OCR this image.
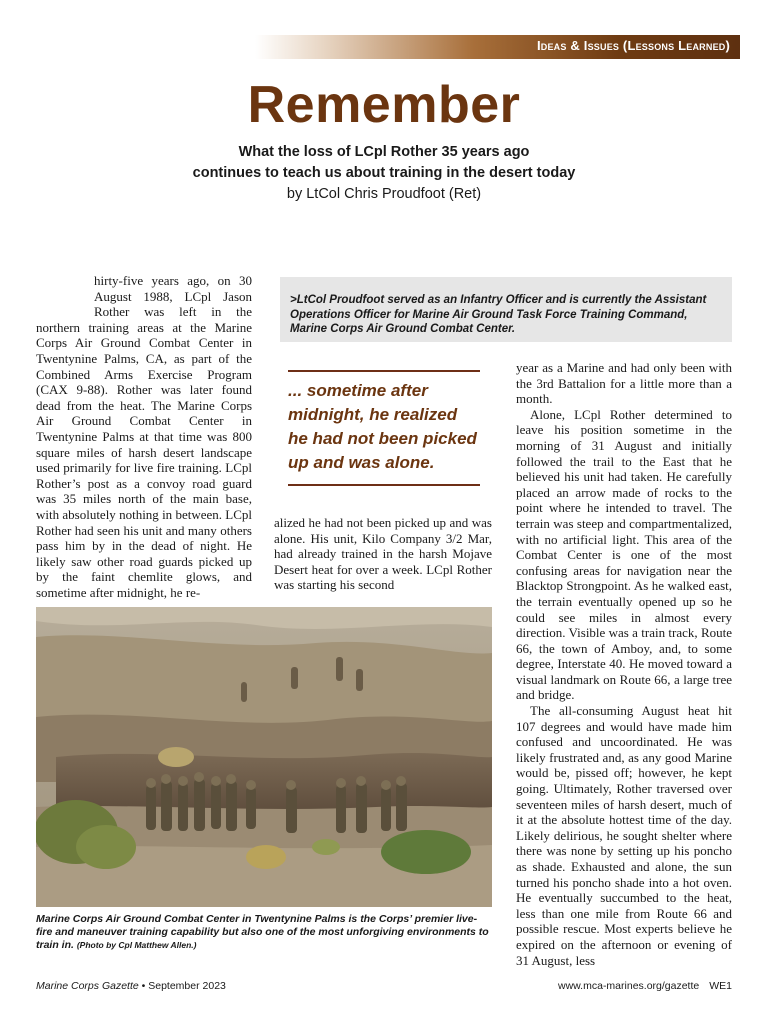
Ideas & Issues (Lessons Learned)
Remember
What the loss of LCpl Rother 35 years ago
continues to teach us about training in the desert today
by LtCol Chris Proudfoot (Ret)

hirty-five years ago, on 30 August 1988, LCpl Jason Rother was left in the northern training areas at the Marine Corps Air Ground Combat Center in Twentynine Palms, CA, as part of the Combined Arms Exercise Program (CAX 9-88). Rother was later found dead from the heat. The Marine Corps Air Ground Combat Center in Twentynine Palms at that time was 800 square miles of harsh desert landscape used primarily for live fire training. LCpl Rother’s post as a convoy road guard was 35 miles north of the main base, with absolutely nothing in between. LCpl Rother had seen his unit and many others pass him by in the dead of night. He likely saw other road guards picked up by the faint chemlite glows, and sometime after midnight, he re-

>LtCol Proudfoot served as an Infantry Officer and is currently the Assistant Operations Officer for Marine Air Ground Task Force Training Command, Marine Corps Air Ground Combat Center.
... sometime after midnight, he realized he had not been picked up and was alone.

alized he had not been picked up and was alone. His unit, Kilo Company 3/2 Mar, had already trained in the harsh Mojave Desert heat for over a week. LCpl Rother was starting his second

year as a Marine and had only been with the 3rd Battalion for a little more than a month.

Alone, LCpl Rother determined to leave his position sometime in the morning of 31 August and initially followed the trail to the East that he believed his unit had taken. He carefully placed an arrow made of rocks to the point where he intended to travel. The terrain was steep and compartmentalized, with no artificial light. This area of the Combat Center is one of the most confusing areas for navigation near the Blacktop Strongpoint. As he walked east, the terrain eventually opened up so he could see miles in almost every direction. Visible was a train track, Route 66, the town of Amboy, and, to some degree, Interstate 40. He moved toward a visual landmark on Route 66, a large tree and bridge.

The all-consuming August heat hit 107 degrees and would have made him confused and uncoordinated. He was likely frustrated and, as any good Marine would be, pissed off; however, he kept going. Ultimately, Rother traversed over seventeen miles of harsh desert, much of it at the absolute hottest time of the day. Likely delirious, he sought shelter where there was none by setting up his poncho as shade. Exhausted and alone, the sun turned his poncho shade into a hot oven. He eventually succumbed to the heat, less than one mile from Route 66 and possible rescue. Most experts believe he expired on the afternoon or evening of 31 August, less

Marine Corps Air Ground Combat Center in Twentynine Palms is the Corps’ premier live-fire and maneuver training capability but also one of the most unforgiving environments to train in. (Photo by Cpl Matthew Allen.)
Marine Corps Gazette • September 2023	www.mca-marines.org/gazette WE1
